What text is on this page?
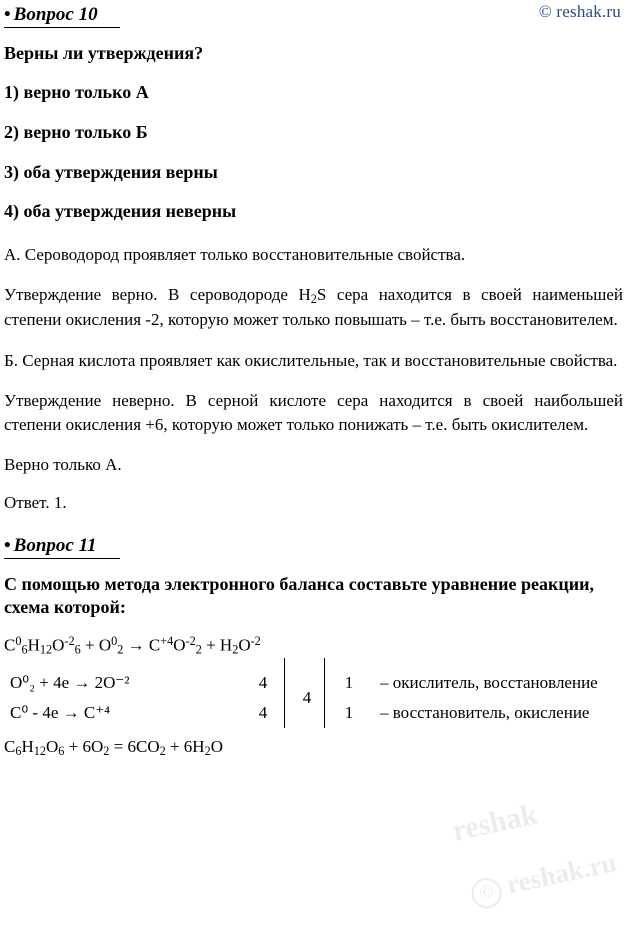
© reshak.ru
reshak
© reshak.ru
• Вопрос 10

Верны ли утверждения?

1) верно только А

2) верно только Б

3) оба утверждения верны

4) оба утверждения неверны

А. Сероводород проявляет только восстановительные свойства.

Утверждение верно. В сероводороде $H_2S$ сера находится в своей наименьшей степени окисления -2, которую может только повышать – т.е. быть восстановителем.

Б. Серная кислота проявляет как окислительные, так и восстановительные свойства.

Утверждение неверно. В серной кислоте сера находится в своей наибольшей степени окисления +6, которую может только понижать – т.е. быть окислителем.

Верно только А.

Ответ. 1.

• Вопрос 11

С помощью метода электронного баланса составьте уравнение реакции, схема которой:

$C^0_6H_{12}O^{-2}_6 + O^0_2 \to C^{+4}O^{-2}_2 + H_2O^{-2}$

O⁰₂ + 4e → 2O⁻²	4		4		1	– окислитель, восстановление
C⁰ - 4e → C⁺⁴	4				1	– восстановитель, окисление

$C_6H_{12}O_6 + 6O_2 = 6CO_2 + 6H_2O$
